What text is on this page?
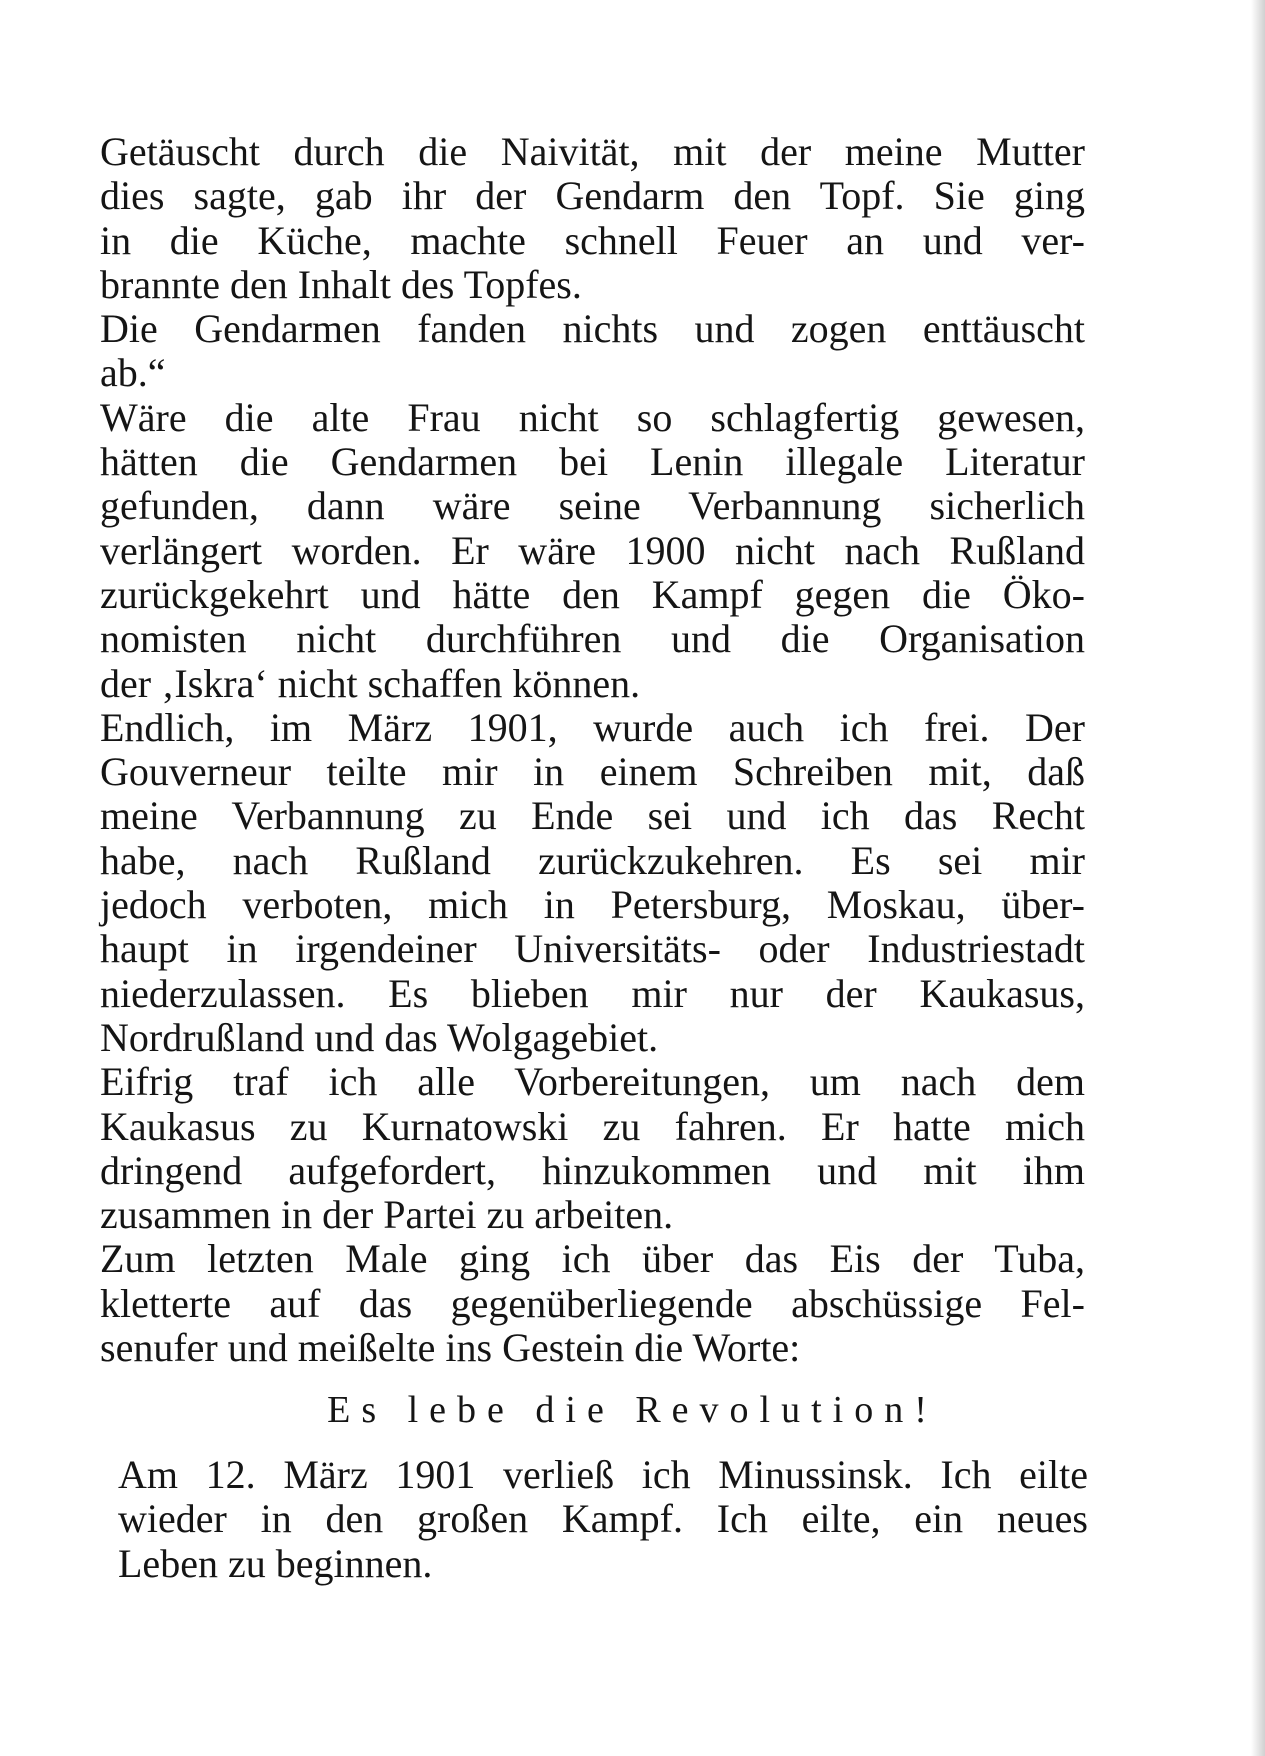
Getäuscht durch die Naivität, mit der meine Mutter
dies sagte, gab ihr der Gendarm den Topf. Sie ging
in die Küche, machte schnell Feuer an und ver-
brannte den Inhalt des Topfes.
Die Gendarmen fanden nichts und zogen enttäuscht
ab.“
Wäre die alte Frau nicht so schlagfertig gewesen,
hätten die Gendarmen bei Lenin illegale Literatur
gefunden, dann wäre seine Verbannung sicherlich
verlängert worden. Er wäre 1900 nicht nach Rußland
zurückgekehrt und hätte den Kampf gegen die Öko-
nomisten nicht durchführen und die Organisation
der ‚Iskra‘ nicht schaffen können.
Endlich, im März 1901, wurde auch ich frei. Der
Gouverneur teilte mir in einem Schreiben mit, daß
meine Verbannung zu Ende sei und ich das Recht
habe, nach Rußland zurückzukehren. Es sei mir
jedoch verboten, mich in Petersburg, Moskau, über-
haupt in irgendeiner Universitäts- oder Industriestadt
niederzulassen. Es blieben mir nur der Kaukasus,
Nordrußland und das Wolgagebiet.
Eifrig traf ich alle Vorbereitungen, um nach dem
Kaukasus zu Kurnatowski zu fahren. Er hatte mich
dringend aufgefordert, hinzukommen und mit ihm
zusammen in der Partei zu arbeiten.
Zum letzten Male ging ich über das Eis der Tuba,
kletterte auf das gegenüberliegende abschüssige Fel-
senufer und meißelte ins Gestein die Worte:
Es lebe die Revolution!
Am 12. März 1901 verließ ich Minussinsk. Ich eilte
wieder in den großen Kampf. Ich eilte, ein neues
Leben zu beginnen.
